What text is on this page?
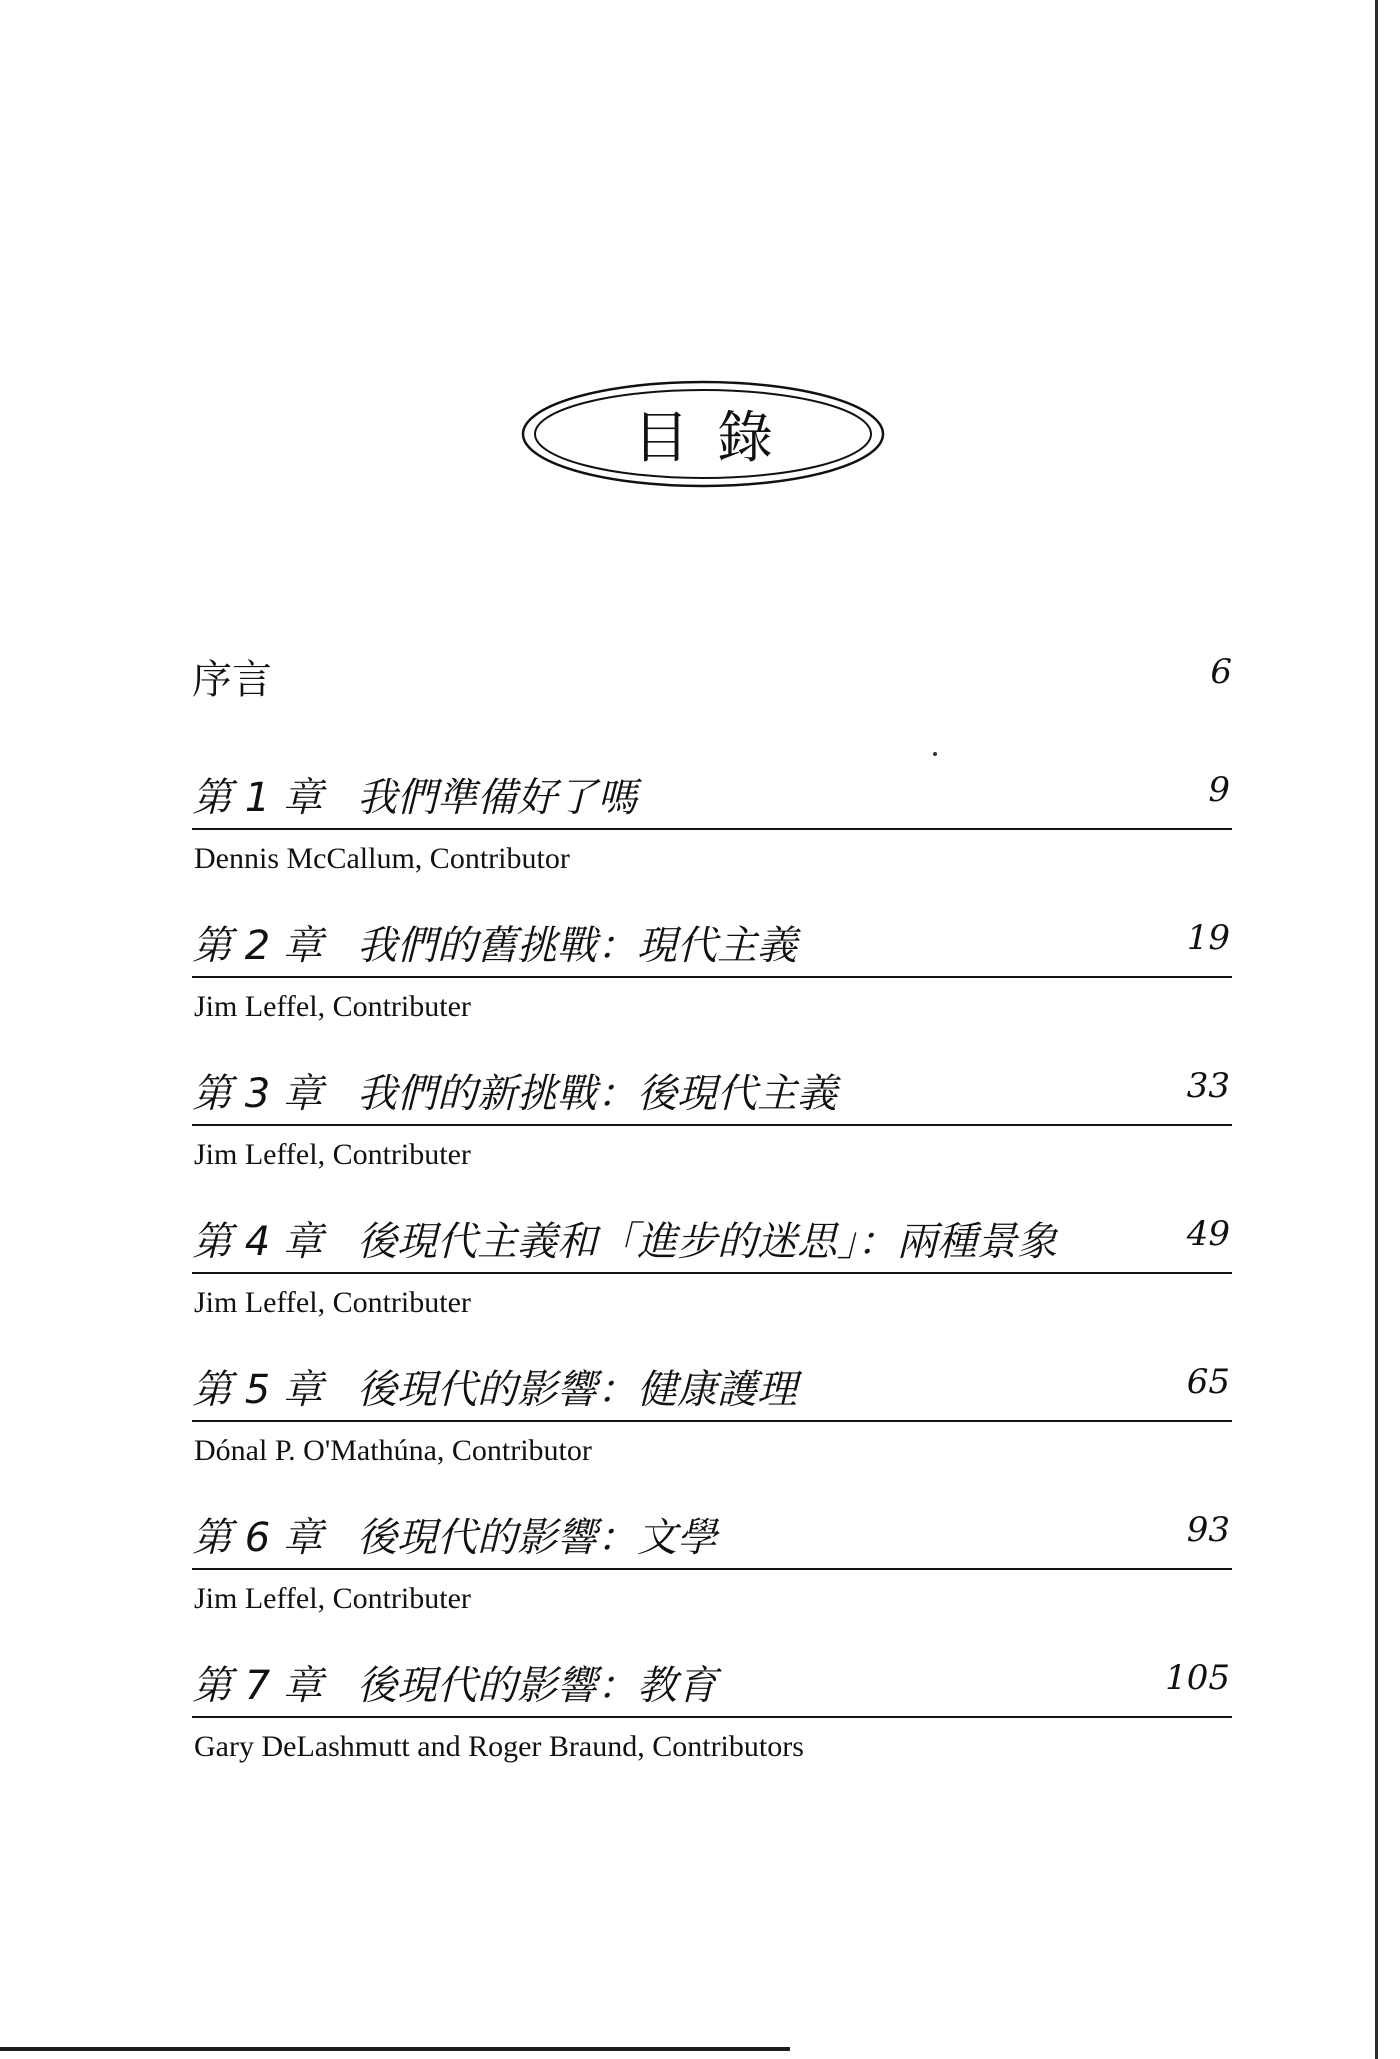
目錄
序言	6
第 1 章 我們準備好了嗎	9
Dennis McCallum, Contributor
第 2 章 我們的舊挑戰：現代主義	19
Jim Leffel, Contributer
第 3 章 我們的新挑戰：後現代主義	33
Jim Leffel, Contributer
第 4 章 後現代主義和「進步的迷思」：兩種景象	49
Jim Leffel, Contributer
第 5 章 後現代的影響：健康護理	65
Dónal P. O'Mathúna, Contributor
第 6 章 後現代的影響：文學	93
Jim Leffel, Contributer
第 7 章 後現代的影響：教育	105
Gary DeLashmutt and Roger Braund, Contributors
